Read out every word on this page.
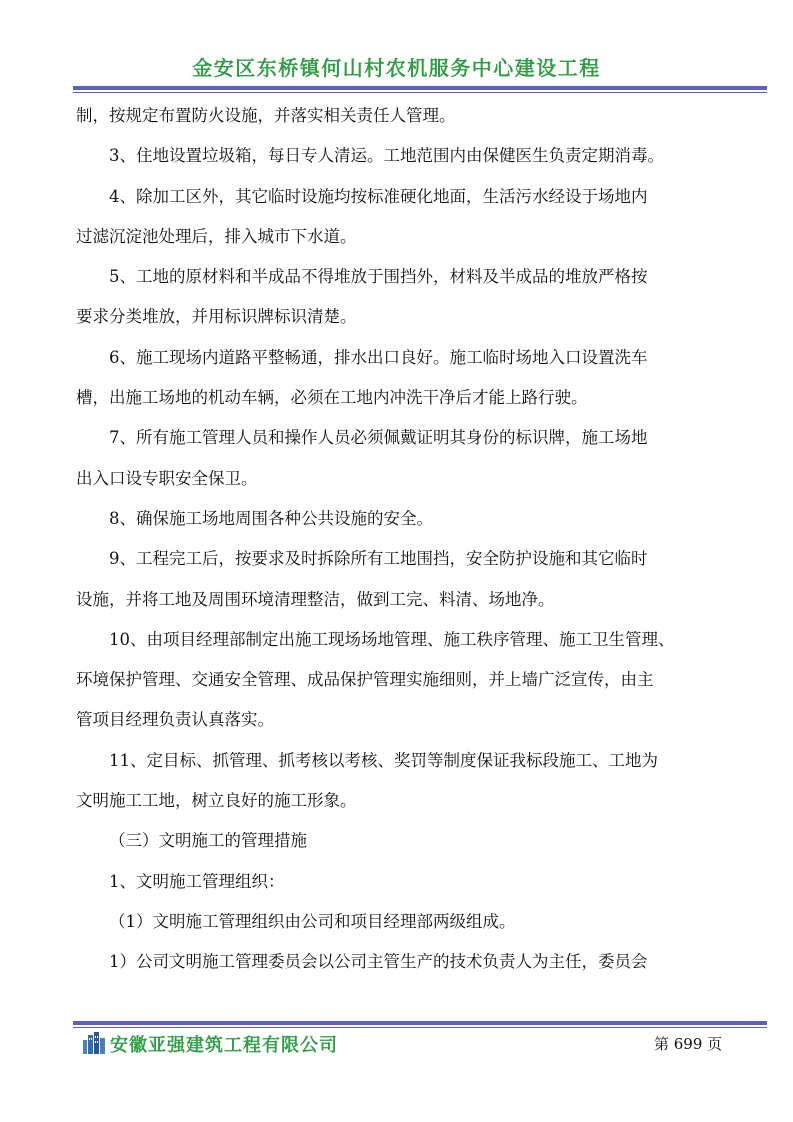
金安区东桥镇何山村农机服务中心建设工程
制，按规定布置防火设施，并落实相关责任人管理。
3、住地设置垃圾箱，每日专人清运。工地范围内由保健医生负责定期消毒。
4、除加工区外，其它临时设施均按标准硬化地面，生活污水经设于场地内
过滤沉淀池处理后，排入城市下水道。
5、工地的原材料和半成品不得堆放于围挡外，材料及半成品的堆放严格按
要求分类堆放，并用标识牌标识清楚。
6、施工现场内道路平整畅通，排水出口良好。施工临时场地入口设置洗车
槽，出施工场地的机动车辆，必须在工地内冲洗干净后才能上路行驶。
7、所有施工管理人员和操作人员必须佩戴证明其身份的标识牌，施工场地
出入口设专职安全保卫。
8、确保施工场地周围各种公共设施的安全。
9、工程完工后，按要求及时拆除所有工地围挡，安全防护设施和其它临时
设施，并将工地及周围环境清理整洁，做到工完、料清、场地净。
10、由项目经理部制定出施工现场场地管理、施工秩序管理、施工卫生管理、
环境保护管理、交通安全管理、成品保护管理实施细则，并上墙广泛宣传，由主
管项目经理负责认真落实。
11、定目标、抓管理、抓考核以考核、奖罚等制度保证我标段施工、工地为
文明施工工地，树立良好的施工形象。
（三）文明施工的管理措施
1、文明施工管理组织：
（1）文明施工管理组织由公司和项目经理部两级组成。
1）公司文明施工管理委员会以公司主管生产的技术负责人为主任，委员会
安徽亚强建筑工程有限公司	第 699 页
